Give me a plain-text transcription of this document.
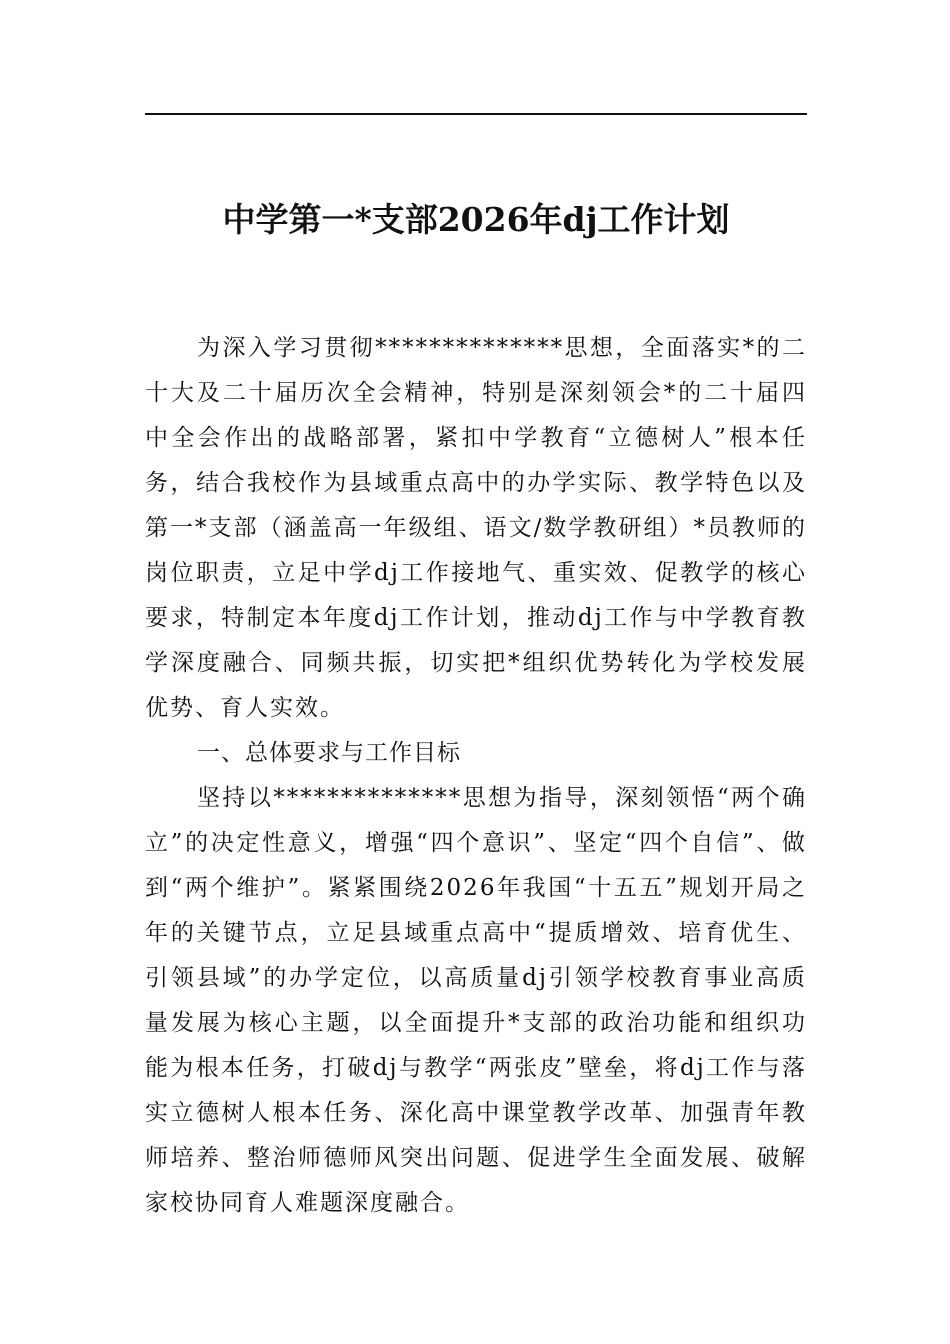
中学第一*支部2026年dj工作计划

为深入学习贯彻**************思想，全面落实*的二十大及二十届历次全会精神，特别是深刻领会*的二十届四中全会作出的战略部署，紧扣中学教育“立德树人”根本任务，结合我校作为县域重点高中的办学实际、教学特色以及第一*支部（涵盖高一年级组、语文/数学教研组）*员教师的岗位职责，立足中学dj工作接地气、重实效、促教学的核心要求，特制定本年度dj工作计划，推动dj工作与中学教育教学深度融合、同频共振，切实把*组织优势转化为学校发展优势、育人实效。

一、总体要求与工作目标

坚持以**************思想为指导，深刻领悟“两个确立”的决定性意义，增强“四个意识”、坚定“四个自信”、做到“两个维护”。紧紧围绕2026年我国“十五五”规划开局之年的关键节点，立足县域重点高中“提质增效、培育优生、引领县域”的办学定位，以高质量dj引领学校教育事业高质量发展为核心主题，以全面提升*支部的政治功能和组织功能为根本任务，打破dj与教学“两张皮”壁垒，将dj工作与落实立德树人根本任务、深化高中课堂教学改革、加强青年教师培养、整治师德师风突出问题、促进学生全面发展、破解家校协同育人难题深度融合。
